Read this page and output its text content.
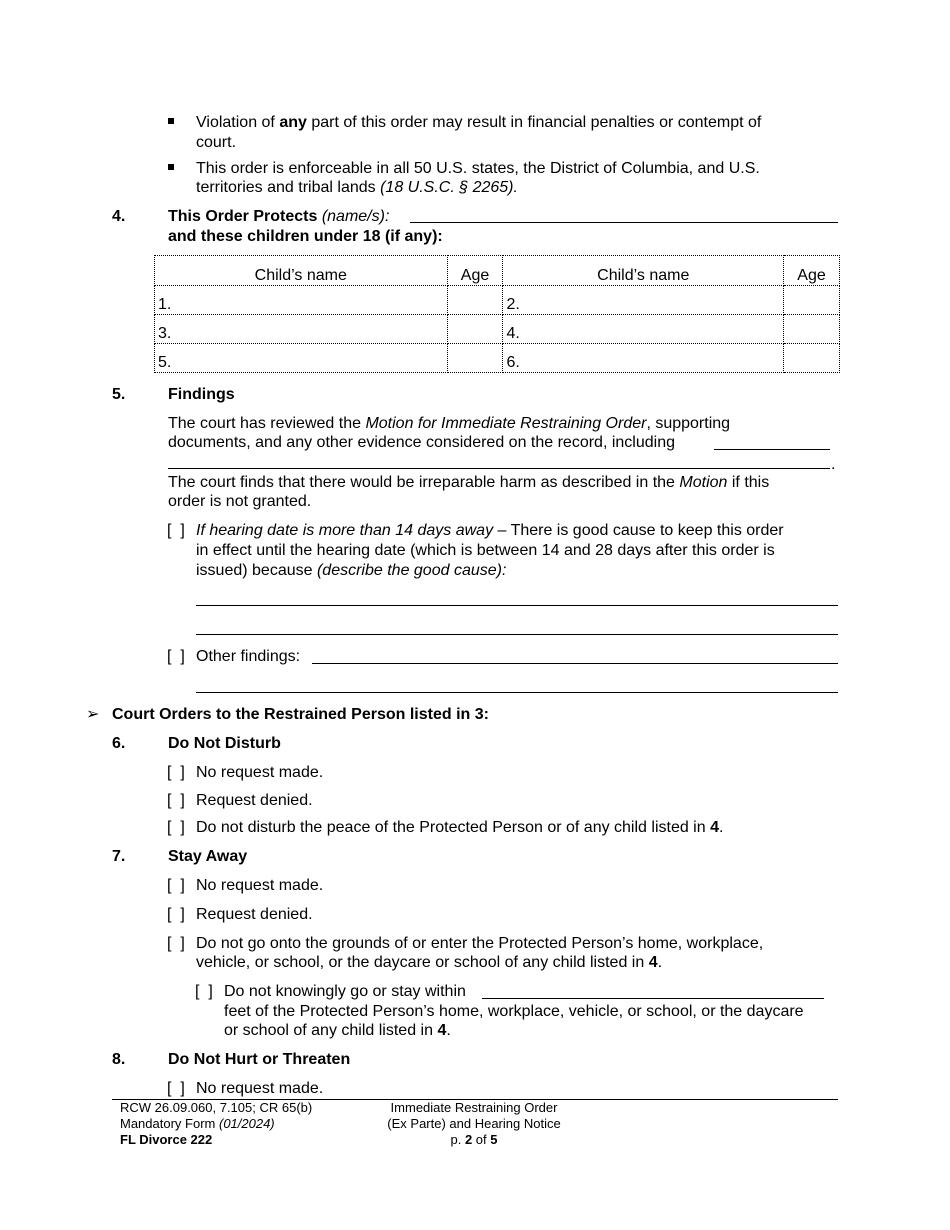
Violation of any part of this order may result in financial penalties or contempt of
court.
This order is enforceable in all 50 U.S. states, the District of Columbia, and U.S.
territories and tribal lands (18 U.S.C. § 2265).
4.	This Order Protects (name/s):
and these children under 18 (if any):
Child’s name	Age	Child’s name	Age
1.		2.	
3.		4.	
5.		6.	
5.	Findings
The court has reviewed the Motion for Immediate Restraining Order, supporting
documents, and any other evidence considered on the record, including
.
The court finds that there would be irreparable harm as described in the Motion if this
order is not granted.
[  ] If hearing date is more than 14 days away – There is good cause to keep this order
in effect until the hearing date (which is between 14 and 28 days after this order is
issued) because (describe the good cause):
[  ] Other findings:
➢ Court Orders to the Restrained Person listed in 3:
6.	Do Not Disturb
[  ] No request made.
[  ] Request denied.
[  ] Do not disturb the peace of the Protected Person or of any child listed in 4.
7.	Stay Away
[  ] No request made.
[  ] Request denied.
[  ] Do not go onto the grounds of or enter the Protected Person’s home, workplace,
vehicle, or school, or the daycare or school of any child listed in 4.
[  ] Do not knowingly go or stay within
feet of the Protected Person’s home, workplace, vehicle, or school, or the daycare
or school of any child listed in 4.
8.	Do Not Hurt or Threaten
[  ] No request made.
RCW 26.09.060, 7.105; CR 65(b)
Mandatory Form (01/2024)
FL Divorce 222
Immediate Restraining Order
(Ex Parte) and Hearing Notice
p. 2 of 5
